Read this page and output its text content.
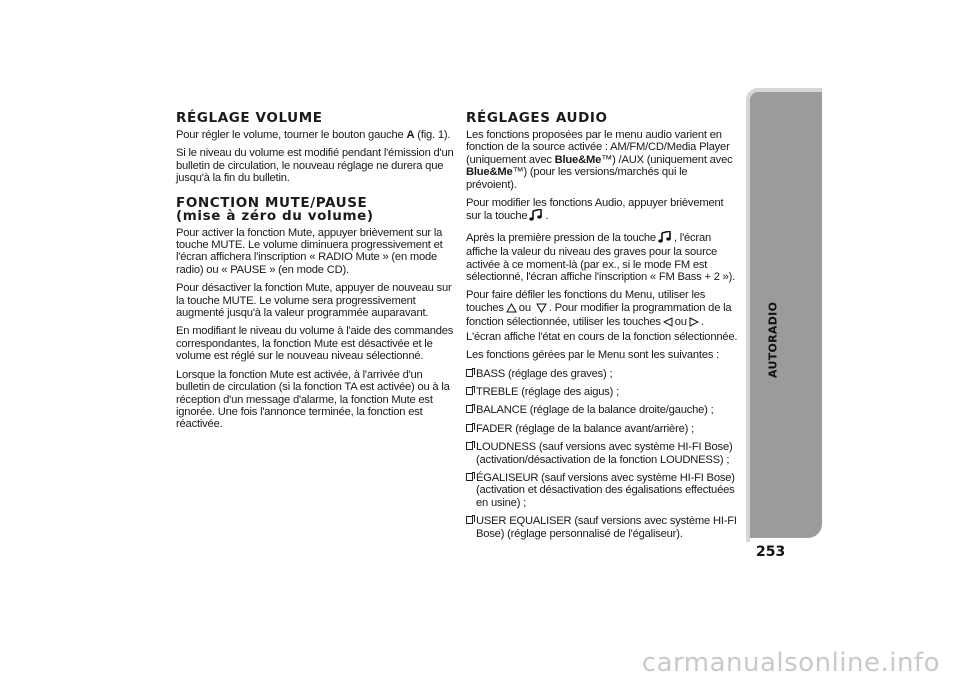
RÉGLAGE VOLUME

Pour régler le volume, tourner le bouton gauche A (fig. 1).

Si le niveau du volume est modifié pendant l'émission d'un bulletin de circulation, le nouveau réglage ne durera que jusqu'à la fin du bulletin.

FONCTION MUTE/PAUSE
(mise à zéro du volume)

Pour activer la fonction Mute, appuyer brièvement sur la touche MUTE. Le volume diminuera progressivement et l'écran affichera l'inscription « RADIO Mute » (en mode radio) ou « PAUSE » (en mode CD).

Pour désactiver la fonction Mute, appuyer de nouveau sur la touche MUTE. Le volume sera progressivement augmenté jusqu'à la valeur programmée auparavant.

En modifiant le niveau du volume à l'aide des commandes correspondantes, la fonction Mute est désactivée et le volume est réglé sur le nouveau niveau sélectionné.

Lorsque la fonction Mute est activée, à l'arrivée d'un bulletin de circulation (si la fonction TA est activée) ou à la réception d'un message d'alarme, la fonction Mute est ignorée. Une fois l'annonce terminée, la fonction est réactivée.

RÉGLAGES AUDIO

Les fonctions proposées par le menu audio varient en fonction de la source activée : AM/FM/CD/Media Player (uniquement avec Blue&Me™) /AUX (uniquement avec Blue&Me™) (pour les versions/marchés qui le prévoient).

Pour modifier les fonctions Audio, appuyer brièvement sur la touche .

Après la première pression de la touche , l'écran affiche la valeur du niveau des graves pour la source activée à ce moment-là (par ex., si le mode FM est sélectionné, l'écran affiche l'inscription « FM Bass + 2 »).

Pour faire défiler les fonctions du Menu, utiliser les touches ou . Pour modifier la programmation de la fonction sélectionnée, utiliser les touches ou . L'écran affiche l'état en cours de la fonction sélectionnée.

Les fonctions gérées par le Menu sont les suivantes :

BASS (réglage des graves) ;
TREBLE (réglage des aigus) ;
BALANCE (réglage de la balance droite/gauche) ;
FADER (réglage de la balance avant/arrière) ;
LOUDNESS (sauf versions avec système HI-FI Bose) (activation/désactivation de la fonction LOUDNESS) ;
ÉGALISEUR (sauf versions avec système HI-FI Bose) (activation et désactivation des égalisations effectuées en usine) ;
USER EQUALISER (sauf versions avec système HI-FI Bose) (réglage personnalisé de l'égaliseur).
AUTORADIO
253
carmanualsonline.info
